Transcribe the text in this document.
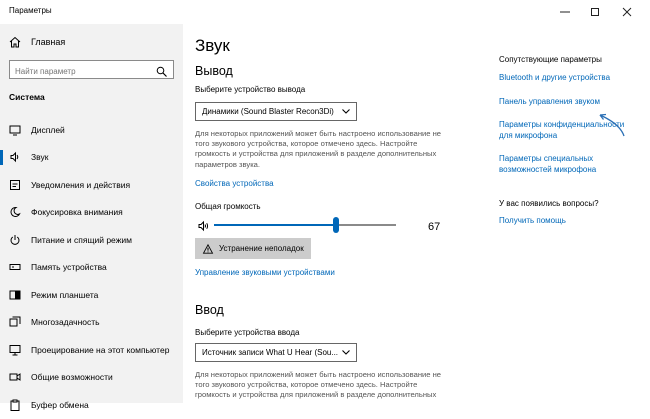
Параметры
Главная
Найти параметр
Система
Дисплей
Звук
Уведомления и действия
Фокусировка внимания
Питание и спящий режим
Память устройства
Режим планшета
Многозадачность
Проецирование на этот компьютер
Общие возможности
Буфер обмена
Звук
Вывод
Выберите устройство вывода
Динамики (Sound Blaster Recon3Di)
Для некоторых приложений может быть настроено использование не того звукового устройства, которое отмечено здесь. Настройте громкость и устройства для приложений в разделе дополнительных параметров звука.
Свойства устройства
Общая громкость
67
Устранение неполадок
Управление звуковыми устройствами
Ввод
Выберите устройства ввода
Источник записи What U Hear (Sou...
Для некоторых приложений может быть настроено использование не того звукового устройства, которое отмечено здесь. Настройте громкость и устройства для приложений в разделе дополнительных
Сопутствующие параметры
Bluetooth и другие устройства
Панель управления звуком
Параметры конфиденциальности для микрофона
Параметры специальных возможностей микрофона
У вас появились вопросы?
Получить помощь
